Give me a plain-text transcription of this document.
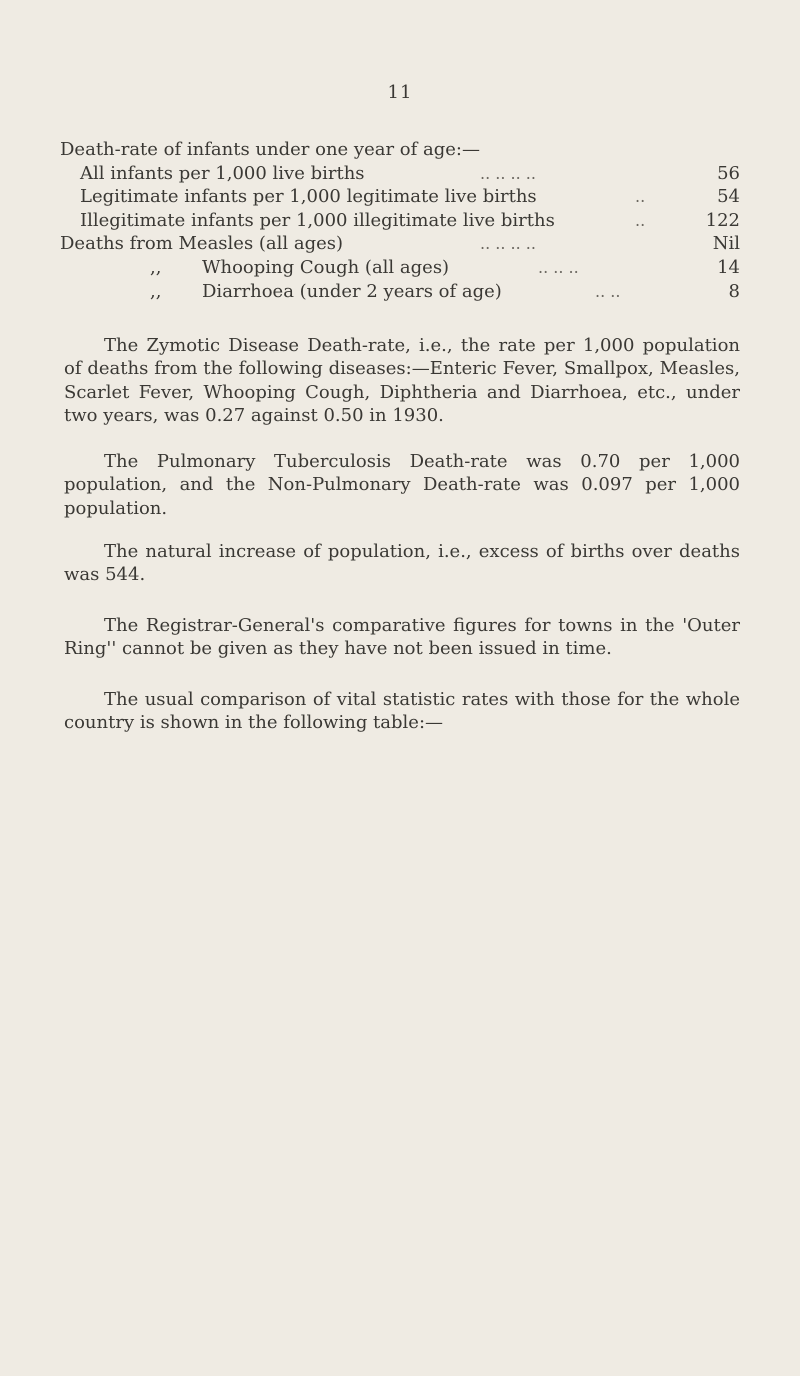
11
Death-rate of infants under one year of age:—
All infants per 1,000 live births	.. .. .. ..	56
Legitimate infants per 1,000 legitimate live births	..	54
Illegitimate infants per 1,000 illegitimate live births	..	122
Deaths from Measles (all ages)	.. .. .. ..	Nil
,, Whooping Cough (all ages)	.. .. ..	14
,, Diarrhoea (under 2 years of age)	.. ..	8

The Zymotic Disease Death-rate, i.e., the rate per 1,000 population of deaths from the following diseases:—Enteric Fever, Smallpox, Measles, Scarlet Fever, Whooping Cough, Diphtheria and Diarrhoea, etc., under two years, was 0.27 against 0.50 in 1930.

The Pulmonary Tuberculosis Death-rate was 0.70 per 1,000 population, and the Non-Pulmonary Death-rate was 0.097 per 1,000 population.

The natural increase of population, i.e., excess of births over deaths was 544.

The Registrar-General's comparative figures for towns in the 'Outer Ring'' cannot be given as they have not been issued in time.

The usual comparison of vital statistic rates with those for the whole country is shown in the following table:—
